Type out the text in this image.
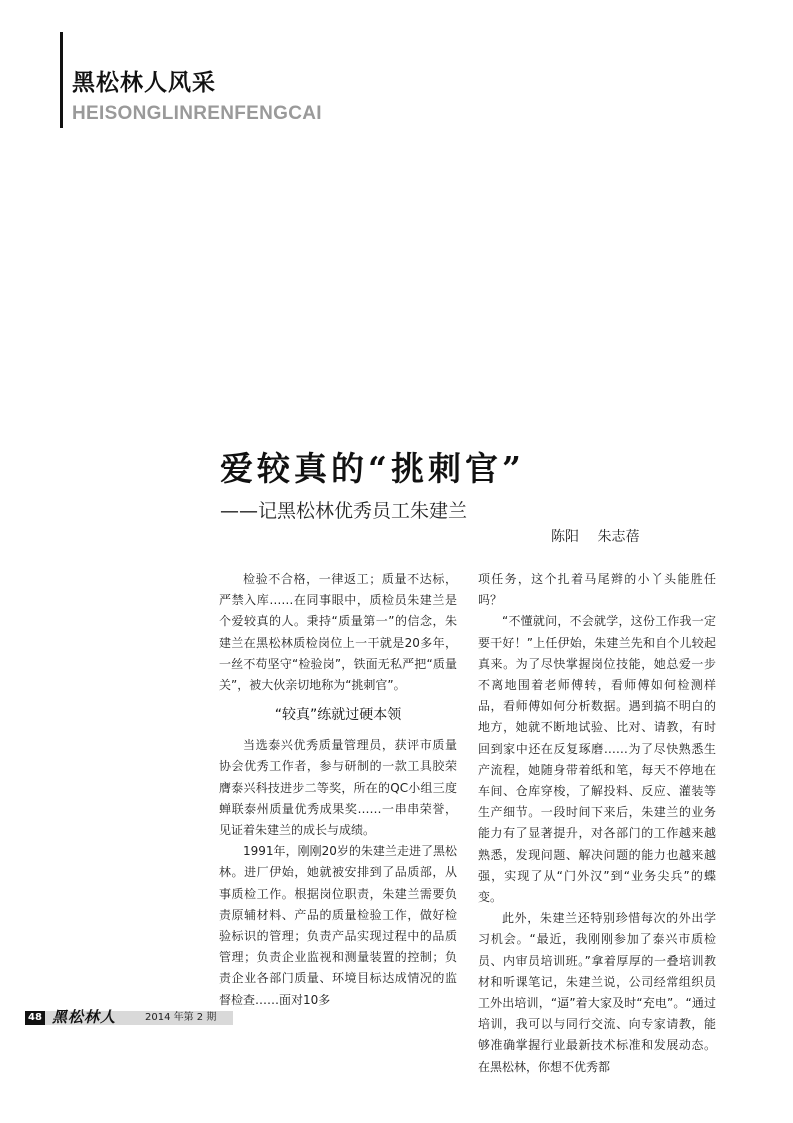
黑松林人风采
HEISONGLINRENFENGCAI
爱较真的“挑刺官”
——记黑松林优秀员工朱建兰
陈阳 朱志蓓

检验不合格，一律返工；质量不达标，严禁入库……在同事眼中，质检员朱建兰是个爱较真的人。秉持“质量第一”的信念，朱建兰在黑松林质检岗位上一干就是20多年，一丝不苟坚守“检验岗”，铁面无私严把“质量关”，被大伙亲切地称为“挑刺官”。

“较真”练就过硬本领

当选泰兴优秀质量管理员，获评市质量协会优秀工作者，参与研制的一款工具胶荣膺泰兴科技进步二等奖，所在的QC小组三度蝉联泰州质量优秀成果奖……一串串荣誉，见证着朱建兰的成长与成绩。

1991年，刚刚20岁的朱建兰走进了黑松林。进厂伊始，她就被安排到了品质部，从事质检工作。根据岗位职责，朱建兰需要负责原辅材料、产品的质量检验工作，做好检验标识的管理；负责产品实现过程中的品质管理；负责企业监视和测量装置的控制；负责企业各部门质量、环境目标达成情况的监督检查……面对10多

项任务，这个扎着马尾辫的小丫头能胜任吗？

“不懂就问，不会就学，这份工作我一定要干好！”上任伊始，朱建兰先和自个儿较起真来。为了尽快掌握岗位技能，她总爱一步不离地围着老师傅转，看师傅如何检测样品，看师傅如何分析数据。遇到搞不明白的地方，她就不断地试验、比对、请教，有时回到家中还在反复琢磨……为了尽快熟悉生产流程，她随身带着纸和笔，每天不停地在车间、仓库穿梭，了解投料、反应、灌装等生产细节。一段时间下来后，朱建兰的业务能力有了显著提升，对各部门的工作越来越熟悉，发现问题、解决问题的能力也越来越强，实现了从“门外汉”到“业务尖兵”的蝶变。

此外，朱建兰还特别珍惜每次的外出学习机会。“最近，我刚刚参加了泰兴市质检员、内审员培训班。”拿着厚厚的一叠培训教材和听课笔记，朱建兰说，公司经常组织员工外出培训，“逼”着大家及时“充电”。“通过培训，我可以与同行交流、向专家请教，能够准确掌握行业最新技术标准和发展动态。在黑松林，你想不优秀都

48 黑松林人	2014 年第 2 期
